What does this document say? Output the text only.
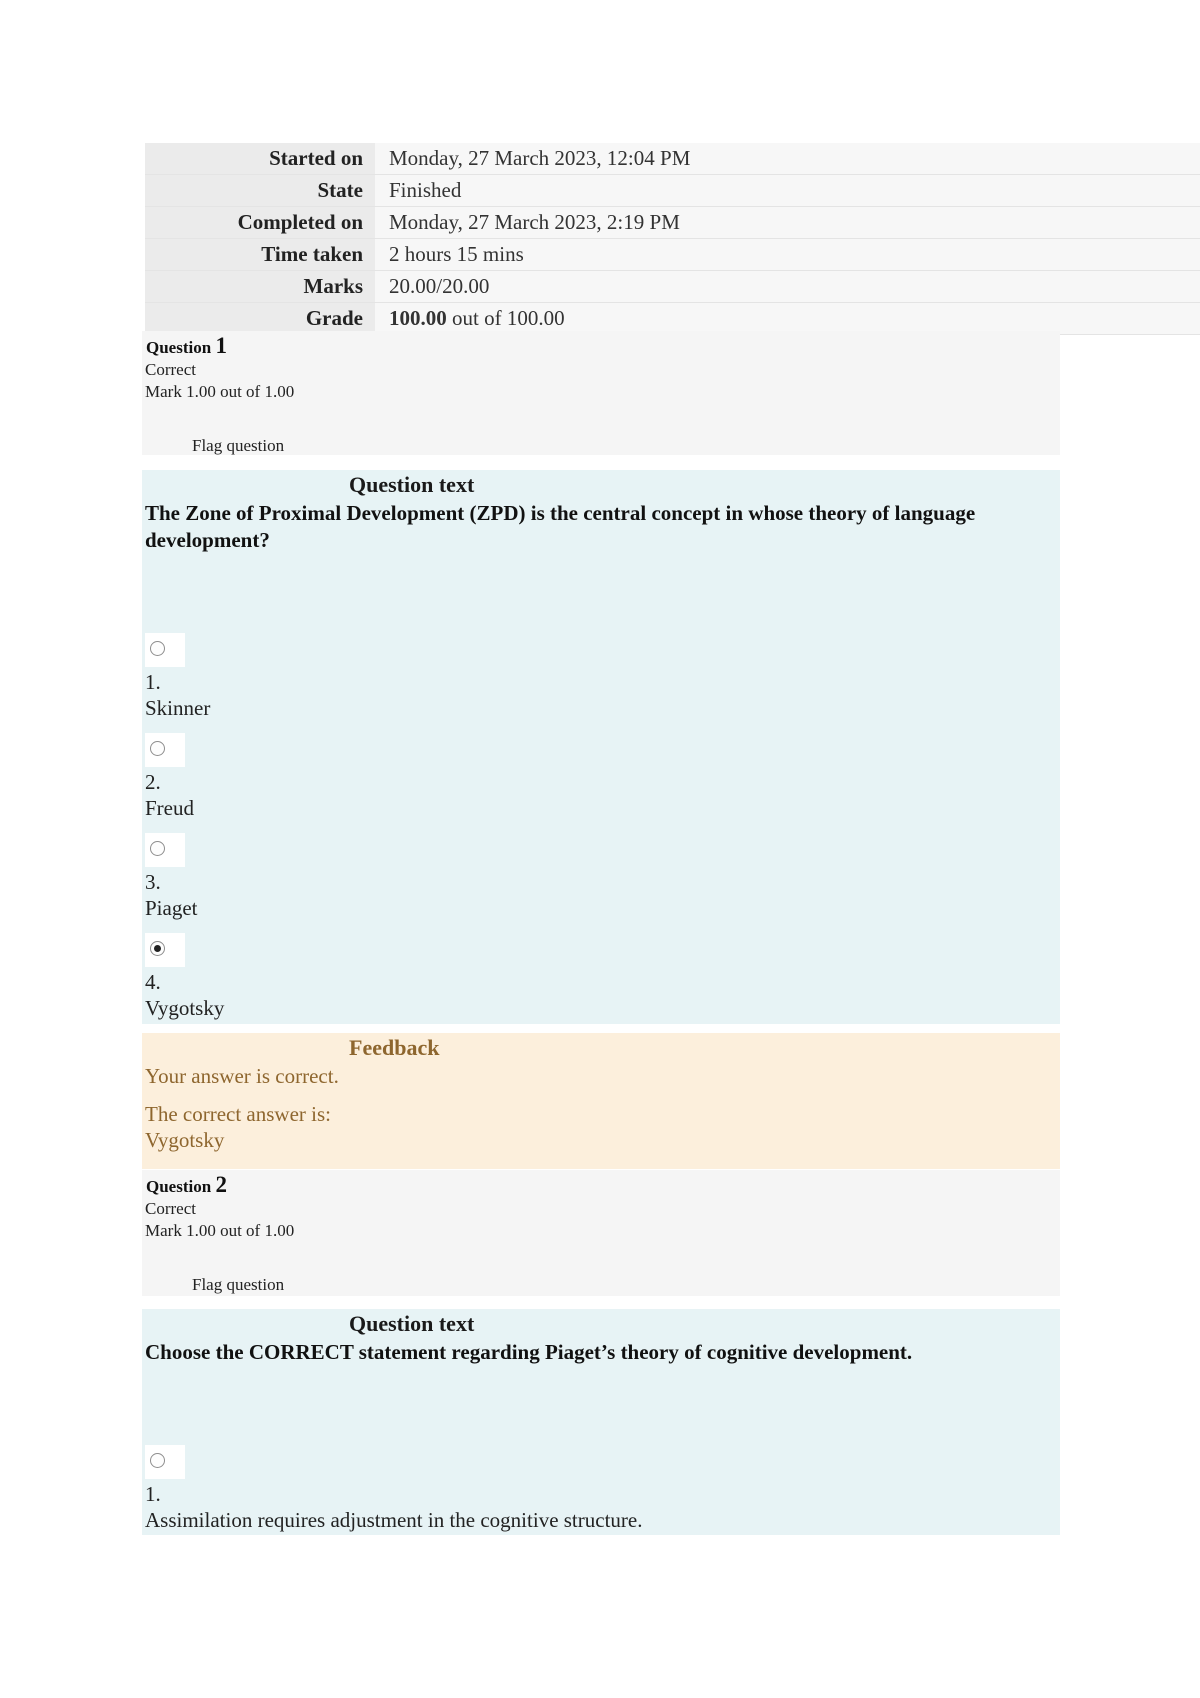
Started on	Monday, 27 March 2023, 12:04 PM
State	Finished
Completed on	Monday, 27 March 2023, 2:19 PM
Time taken	2 hours 15 mins
Marks	20.00/20.00
Grade	100.00 out of 100.00
Question 1
Correct
Mark 1.00 out of 1.00
Flag question
Question text
The Zone of Proximal Development (ZPD) is the central concept in whose theory of language development?
1.
Skinner
2.
Freud
3.
Piaget
4.
Vygotsky
Feedback
Your answer is correct.
The correct answer is:
Vygotsky
Question 2
Correct
Mark 1.00 out of 1.00
Flag question
Question text
Choose the CORRECT statement regarding Piaget’s theory of cognitive development.
1.
Assimilation requires adjustment in the cognitive structure.
